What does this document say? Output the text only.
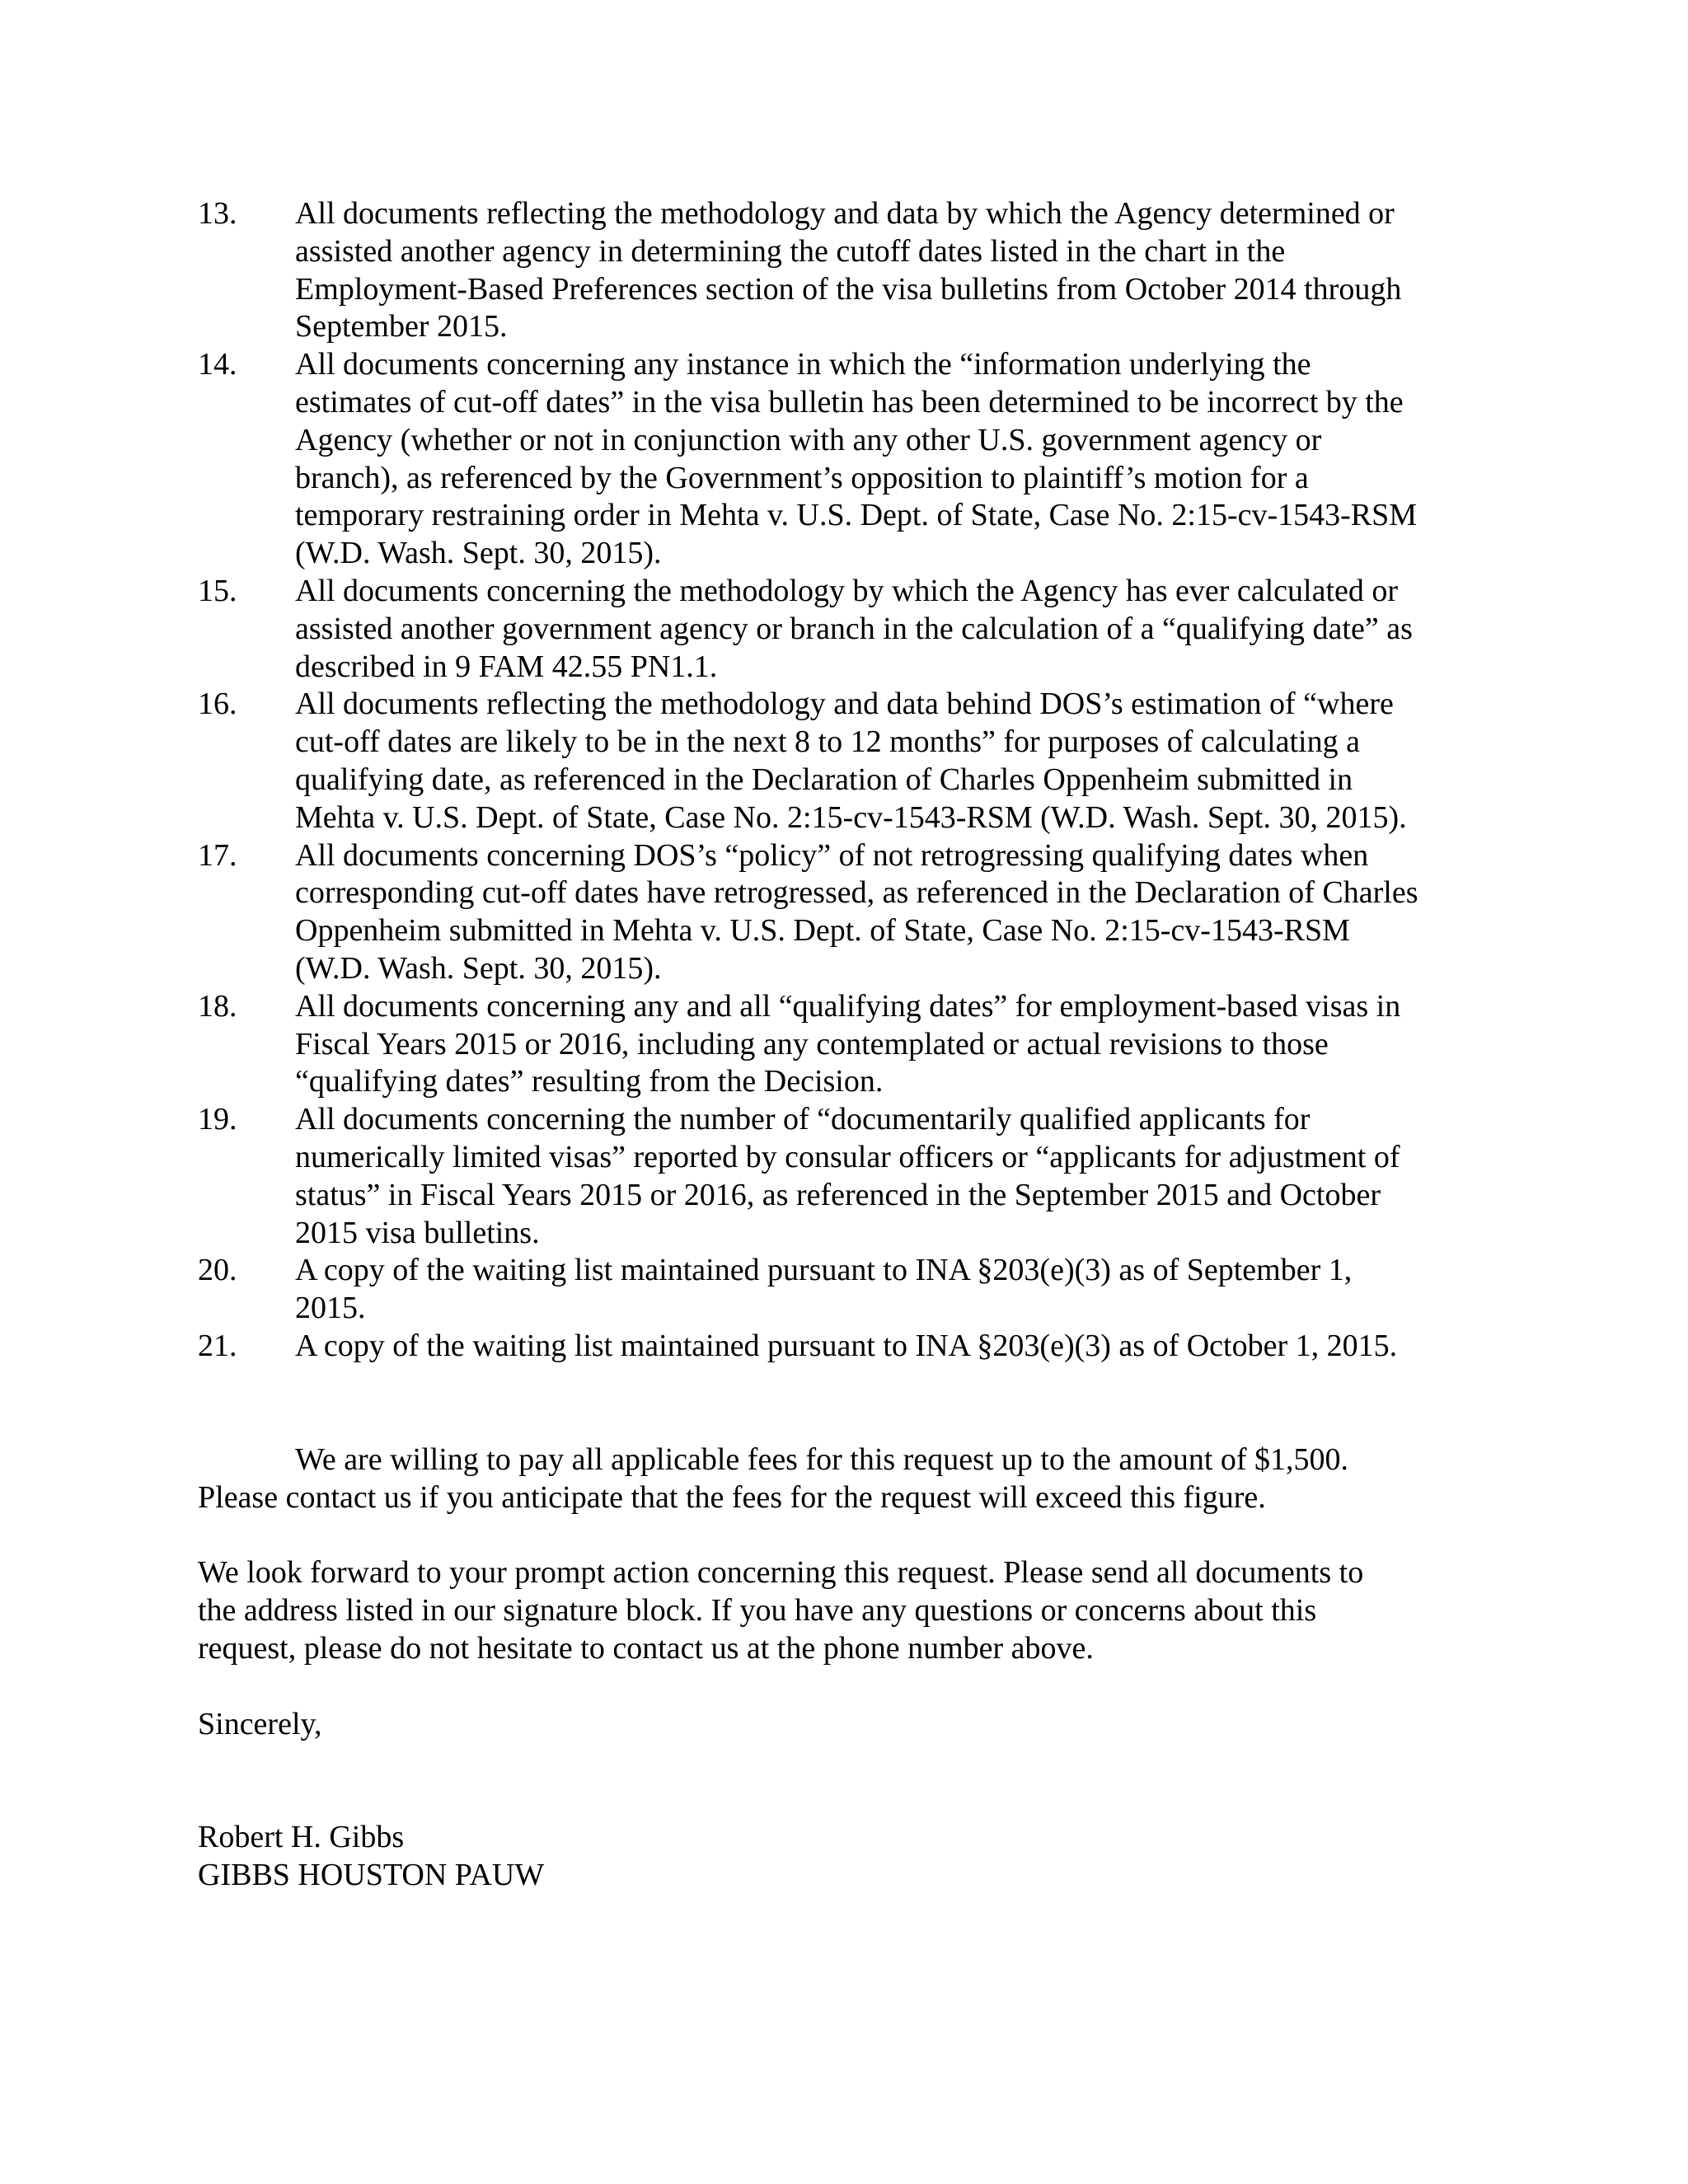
13.	All documents reflecting the methodology and data by which the Agency determined or
assisted another agency in determining the cutoff dates listed in the chart in the
Employment-Based Preferences section of the visa bulletins from October 2014 through
September 2015.
14.	All documents concerning any instance in which the “information underlying the
estimates of cut-off dates” in the visa bulletin has been determined to be incorrect by the
Agency (whether or not in conjunction with any other U.S. government agency or
branch), as referenced by the Government’s opposition to plaintiff’s motion for a
temporary restraining order in Mehta v. U.S. Dept. of State, Case No. 2:15-cv-1543-RSM
(W.D. Wash. Sept. 30, 2015).
15.	All documents concerning the methodology by which the Agency has ever calculated or
assisted another government agency or branch in the calculation of a “qualifying date” as
described in 9 FAM 42.55 PN1.1.
16.	All documents reflecting the methodology and data behind DOS’s estimation of “where
cut-off dates are likely to be in the next 8 to 12 months” for purposes of calculating a
qualifying date, as referenced in the Declaration of Charles Oppenheim submitted in
Mehta v. U.S. Dept. of State, Case No. 2:15-cv-1543-RSM (W.D. Wash. Sept. 30, 2015).
17.	All documents concerning DOS’s “policy” of not retrogressing qualifying dates when
corresponding cut-off dates have retrogressed, as referenced in the Declaration of Charles
Oppenheim submitted in Mehta v. U.S. Dept. of State, Case No. 2:15-cv-1543-RSM
(W.D. Wash. Sept. 30, 2015).
18.	All documents concerning any and all “qualifying dates” for employment-based visas in
Fiscal Years 2015 or 2016, including any contemplated or actual revisions to those
“qualifying dates” resulting from the Decision.
19.	All documents concerning the number of “documentarily qualified applicants for
numerically limited visas” reported by consular officers or “applicants for adjustment of
status” in Fiscal Years 2015 or 2016, as referenced in the September 2015 and October
2015 visa bulletins.
20.	A copy of the waiting list maintained pursuant to INA §203(e)(3) as of September 1,
2015.
21.	A copy of the waiting list maintained pursuant to INA §203(e)(3) as of October 1, 2015.
We are willing to pay all applicable fees for this request up to the amount of $1,500.
Please contact us if you anticipate that the fees for the request will exceed this figure.
We look forward to your prompt action concerning this request. Please send all documents to
the address listed in our signature block. If you have any questions or concerns about this
request, please do not hesitate to contact us at the phone number above.
Sincerely,
Robert H. Gibbs
GIBBS HOUSTON PAUW
